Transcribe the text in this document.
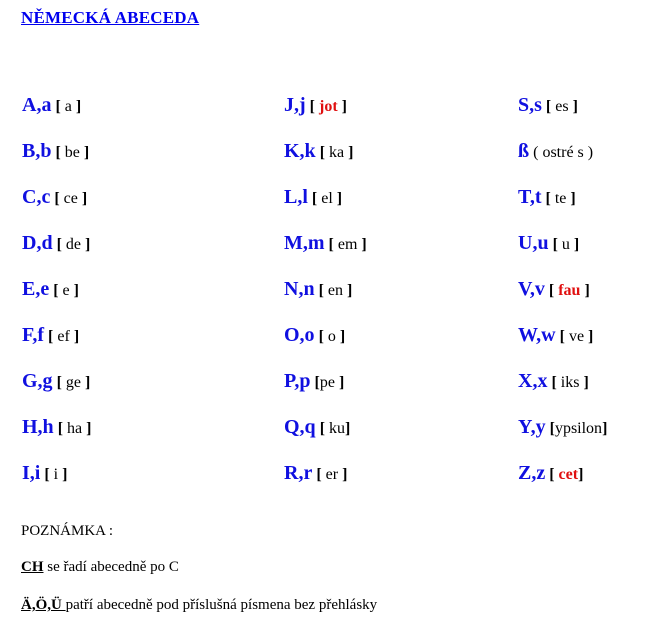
NĚMECKÁ ABECEDA
A,a [ a ]
B,b [ be ]
C,c [ ce ]
D,d [ de ]
E,e [ e ]
F,f [ ef ]
G,g [ ge ]
H,h [ ha ]
I,i [ i ]
J,j [ jot ]
K,k [ ka ]
L,l [ el ]
M,m [ em ]
N,n [ en ]
O,o [ o ]
P,p [pe ]
Q,q [ ku]
R,r [ er ]
S,s [ es ]
ß ( ostré s )
T,t [ te ]
U,u [ u ]
V,v [ fau ]
W,w [ ve ]
X,x [ iks ]
Y,y [ypsilon]
Z,z [ cet]
POZNÁMKA :
CH se řadí abecedně po C
Ä,Ö,Ü patří abecedně pod příslušná písmena bez přehlásky
